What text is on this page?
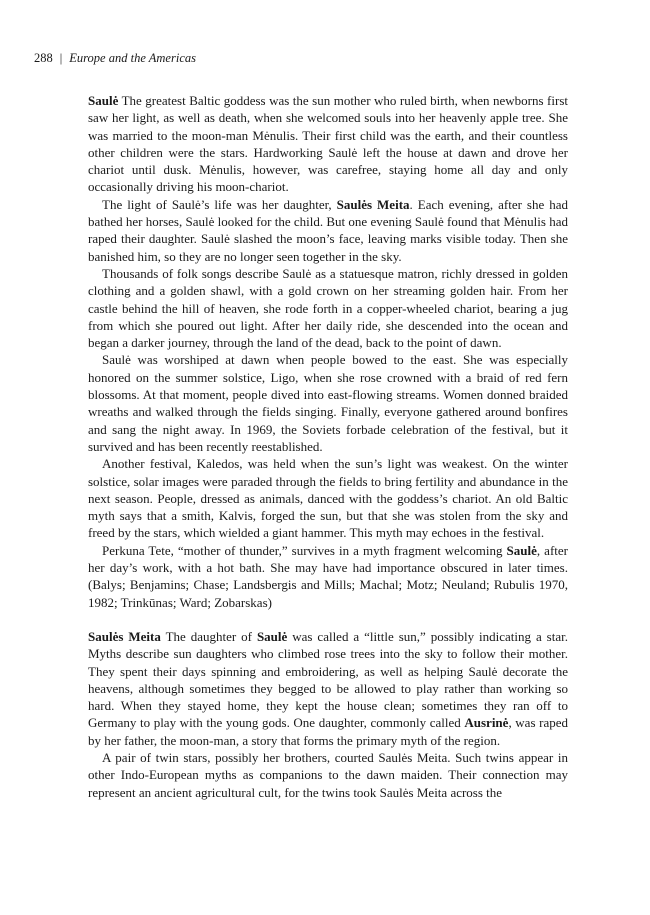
288 | Europe and the Americas

Saulė The greatest Baltic goddess was the sun mother who ruled birth, when newborns first saw her light, as well as death, when she welcomed souls into her heavenly apple tree. She was married to the moon-man Mėnulis. Their first child was the earth, and their countless other children were the stars. Hardworking Saulė left the house at dawn and drove her chariot until dusk. Mėnulis, however, was carefree, staying home all day and only occasionally driving his moon-chariot.

The light of Saulė’s life was her daughter, Saulės Meita. Each evening, after she had bathed her horses, Saulė looked for the child. But one evening Saulė found that Mėnulis had raped their daughter. Saulė slashed the moon’s face, leaving marks visible today. Then she banished him, so they are no longer seen together in the sky.

Thousands of folk songs describe Saulė as a statuesque matron, richly dressed in golden clothing and a golden shawl, with a gold crown on her streaming golden hair. From her castle behind the hill of heaven, she rode forth in a copper-wheeled chariot, bearing a jug from which she poured out light. After her daily ride, she descended into the ocean and began a darker journey, through the land of the dead, back to the point of dawn.

Saulė was worshiped at dawn when people bowed to the east. She was especially honored on the summer solstice, Ligo, when she rose crowned with a braid of red fern blossoms. At that moment, people dived into east-flowing streams. Women donned braided wreaths and walked through the fields singing. Finally, everyone gathered around bonfires and sang the night away. In 1969, the Soviets forbade celebration of the festival, but it survived and has been recently reestablished.

Another festival, Kaledos, was held when the sun’s light was weakest. On the winter solstice, solar images were paraded through the fields to bring fertility and abundance in the next season. People, dressed as animals, danced with the goddess’s chariot. An old Baltic myth says that a smith, Kalvis, forged the sun, but that she was stolen from the sky and freed by the stars, which wielded a giant hammer. This myth may echoes in the festival.

Perkuna Tete, “mother of thunder,” survives in a myth fragment welcoming Saulė, after her day’s work, with a hot bath. She may have had importance obscured in later times. (Balys; Benjamins; Chase; Landsbergis and Mills; Machal; Motz; Neuland; Rubulis 1970, 1982; Trinkūnas; Ward; Zobarskas)

Saulės Meita The daughter of Saulė was called a “little sun,” possibly indicating a star. Myths describe sun daughters who climbed rose trees into the sky to follow their mother. They spent their days spinning and embroidering, as well as helping Saulė decorate the heavens, although sometimes they begged to be allowed to play rather than working so hard. When they stayed home, they kept the house clean; sometimes they ran off to Germany to play with the young gods. One daughter, commonly called Ausrinė, was raped by her father, the moon-man, a story that forms the primary myth of the region.

A pair of twin stars, possibly her brothers, courted Saulės Meita. Such twins appear in other Indo-European myths as companions to the dawn maiden. Their connection may represent an ancient agricultural cult, for the twins took Saulės Meita across the
